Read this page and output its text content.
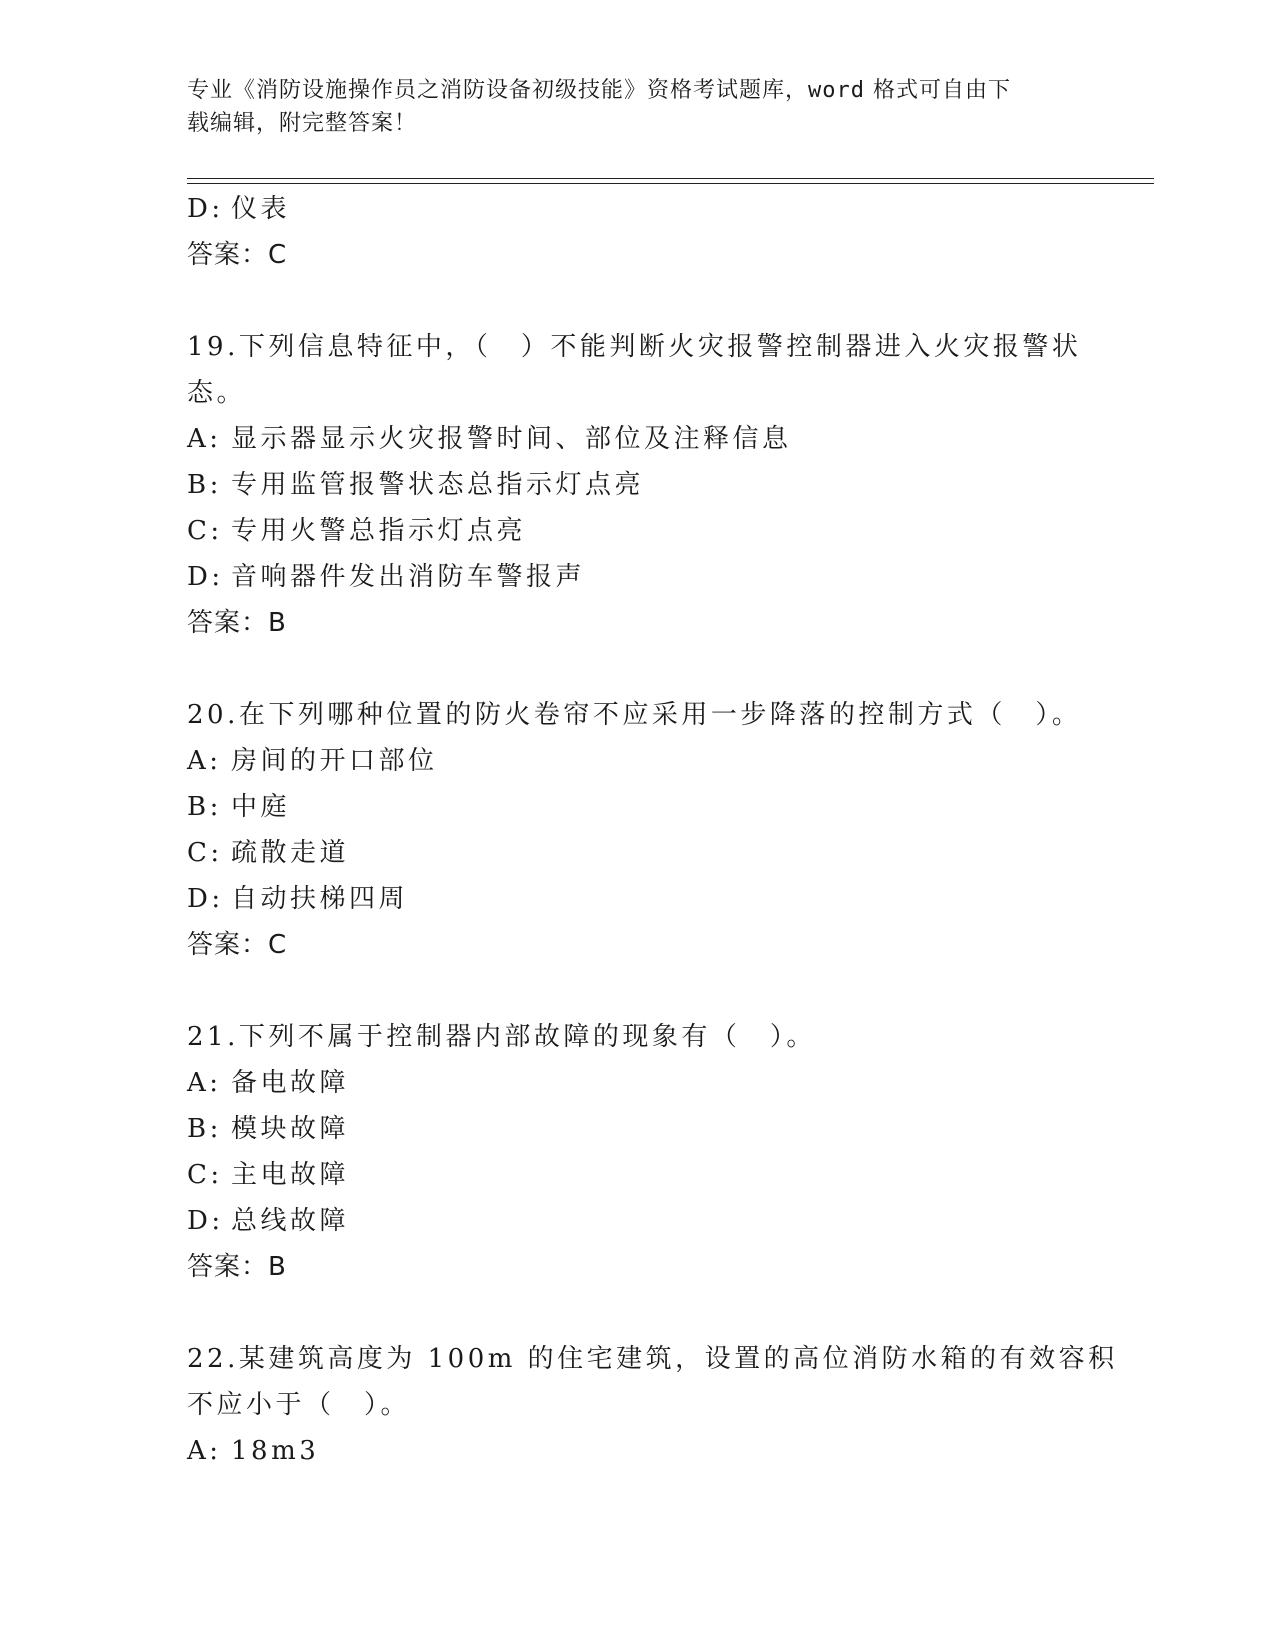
专业《消防设施操作员之消防设备初级技能》资格考试题库，word 格式可自由下
载编辑，附完整答案！
D: 仪表
答案：C
19.下列信息特征中，（　）不能判断火灾报警控制器进入火灾报警状
态。
A: 显示器显示火灾报警时间、部位及注释信息
B: 专用监管报警状态总指示灯点亮
C: 专用火警总指示灯点亮
D: 音响器件发出消防车警报声
答案：B
20.在下列哪种位置的防火卷帘不应采用一步降落的控制方式（　）。
A: 房间的开口部位
B: 中庭
C: 疏散走道
D: 自动扶梯四周
答案：C
21.下列不属于控制器内部故障的现象有（　）。
A: 备电故障
B: 模块故障
C: 主电故障
D: 总线故障
答案：B
22.某建筑高度为 100m 的住宅建筑，设置的高位消防水箱的有效容积
不应小于（　）。
A: 18m3
